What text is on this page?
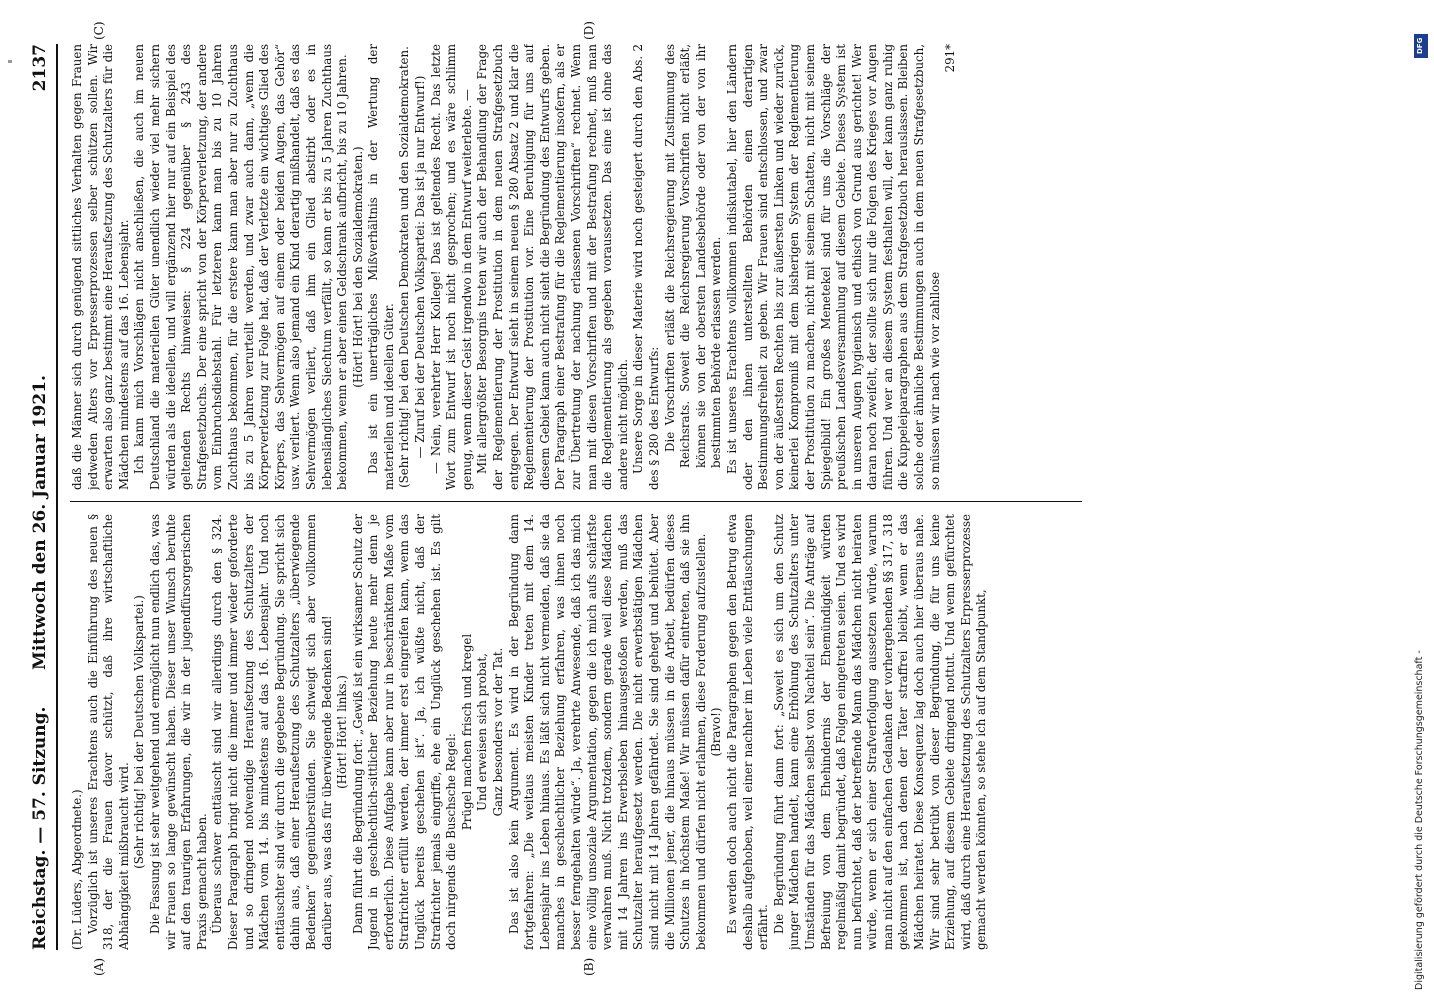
Reichstag. — 57. Sitzung.
Mittwoch den 26. Januar 1921.
2137
(A)	(B)
(C)	(D)

(Dr. Lüders, Abgeordnete.) Vorzüglich ist unseres Erachtens auch die Einführung des neuen § 318, der die Frauen davor schützt, daß ihre wirtschaftliche Abhängigkeit mißbraucht wird. (Sehr richtig! bei der Deutschen Volkspartei.) Die Fassung ist sehr weitgehend und ermöglicht nun endlich das, was wir Frauen so lange gewünscht haben. Dieser unser Wunsch beruhte auf den traurigen Erfahrungen, die wir in der jugendfürsorgerischen Praxis gemacht haben. Überaus schwer enttäuscht sind wir allerdings durch den § 324. Dieser Paragraph bringt nicht die immer und immer wieder geforderte und so dringend notwendige Heraufsetzung des Schutzalters der Mädchen vom 14. bis mindestens auf das 16. Lebensjahr. Und noch enttäuschter sind wir durch die gegebene Begründung. Sie spricht sich dahin aus, daß einer Heraufsetzung des Schutzalters „überwiegende Bedenken“ gegenüberstünden. Sie schweigt sich aber vollkommen darüber aus, was das für überwiegende Bedenken sind! (Hört! Hört! links.) Dann führt die Begründung fort: „Gewiß ist ein wirksamer Schutz der Jugend in geschlechtlich-sittlicher Beziehung heute mehr denn je erforderlich. Diese Aufgabe kann aber nur in beschränktem Maße vom Strafrichter erfüllt werden, der immer erst eingreifen kann, wenn das Unglück bereits geschehen ist“. Ja, ich wüßte nicht, daß der Strafrichter jemals eingriffe, ehe ein Unglück geschehen ist. Es gilt doch nirgends die Buschsche Regel:

Prügel machen frisch und kregel Und erweisen sich probat, Ganz besonders vor der Tat. Das ist also kein Argument. Es wird in der Begründung dann fortgefahren: „Die weitaus meisten Kinder treten mit dem 14. Lebensjahr ins Leben hinaus. Es läßt sich nicht vermeiden, daß sie da manches in geschlechtlicher Beziehung erfahren, was ihnen noch besser ferngehalten würde“. Ja, verehrte Anwesende, daß ich das mich eine völlig unsoziale Argumentation, gegen die ich mich aufs schärfste verwahren muß. Nicht trotzdem, sondern gerade weil diese Mädchen mit 14 Jahren ins Erwerbsleben hinausgestoßen werden, muß das Schutzalter heraufgesetzt werden. Die nicht erwerbstätigen Mädchen sind nicht mit 14 Jahren gefährdet. Sie sind gehegt und behütet. Aber die Millionen jener, die hinaus müssen in die Arbeit, bedürfen dieses Schutzes in höchstem Maße! Wir müssen dafür eintreten, daß sie ihn bekommen und dürfen nicht erlahmen, diese Forderung aufzustellen. (Bravo!) Es werden doch auch nicht die Paragraphen gegen den Betrug etwa deshalb aufgehoben, weil einer nachher im Leben viele Enttäuschungen erfährt. Die Begründung führt dann fort: „Soweit es sich um den Schutz junger Mädchen handelt, kann eine Erhöhung des Schutzalters unter Umständen für das Mädchen selbst von Nachteil sein“. Die Anträge auf Befreiung von dem Ehehindernis der Ehemündigkeit würden regelmäßig damit begründet, daß Folgen eingetreten seien. Und es wird nun befürchtet, daß der betreffende Mann das Mädchen nicht heiraten würde, wenn er sich einer Strafverfolgung aussetzen würde, warum man nicht auf den einfachen Gedanken der vorhergehenden §§ 317, 318 gekommen ist, nach denen der Täter straffrei bleibt, wenn er das Mädchen heiratet. Diese Konsequenz lag doch auch hier überaus nahe. Wir sind sehr betrübt von dieser Begründung, die für uns keine Erziehung, auf diesem Gebiete dringend nottut. Und wenn gefürchtet wird, daß durch eine Heraufsetzung des Schutzalters Erpresserprozesse gemacht werden könnten, so stehe ich auf dem Standpunkt,

daß die Männer sich durch genügend sittliches Verhalten gegen Frauen jedweden Alters vor Erpresserprozessen selber schützen sollen. Wir erwarten also ganz bestimmt eine Heraufsetzung des Schutzalters für die Mädchen mindestens auf das 16. Lebensjahr. Ich kann mich Vorschlägen nicht anschließen, die auch im neuen Deutschland die materiellen Güter unendlich wieder viel mehr sichern würden als die ideellen, und will ergänzend hier nur auf ein Beispiel des geltenden Rechts hinweisen: § 224 gegenüber § 243 des Strafgesetzbuchs. Der eine spricht von der Körperverletzung, der andere vom Einbruchsdiebstahl. Für letzteren kann man bis zu 10 Jahren Zuchthaus bekommen, für die erstere kann man aber nur zu Zuchthaus bis zu 5 Jahren verurteilt werden, und zwar auch dann, „wenn die Körperverletzung zur Folge hat, daß der Verletzte ein wichtiges Glied des Körpers, das Sehvermögen auf einem oder beiden Augen, das Gehör“ usw. verliert. Wenn also jemand ein Kind derartig mißhandelt, daß es das Sehvermögen verliert, daß ihm ein Glied abstirbt oder es in lebenslängliches Siechtum verfällt, so kann er bis zu 5 Jahren Zuchthaus bekommen, wenn er aber einen Geldschrank aufbricht, bis zu 10 Jahren. (Hört! Hört! bei den Sozialdemokraten.) Das ist ein unerträgliches Mißverhältnis in der Wertung der materiellen und ideellen Güter. (Sehr richtig! bei den Deutschen Demokraten und den Sozialdemokraten. — Zuruf bei der Deutschen Volkspartei: Das ist ja nur Entwurf!) — Nein, verehrter Herr Kollege! Das ist geltendes Recht. Das letzte Wort zum Entwurf ist noch nicht gesprochen; und es wäre schlimm genug, wenn dieser Geist irgendwo in dem Entwurf weiterlebte. — Mit allergrößter Besorgnis treten wir auch der Behandlung der Frage der Reglementierung der Prostitution in dem neuen Strafgesetzbuch entgegen. Der Entwurf sieht in seinem neuen § 280 Absatz 2 und klar die Reglementierung der Prostitution vor. Eine Beruhigung für uns auf diesem Gebiet kann auch nicht sieht die Begründung des Entwurfs geben. Der Paragraph einer Bestrafung für die Reglementierung insofern, als er zur Übertretung der nachung erlassenen Vorschriften“ rechnet. Wenn man mit diesen Vorschriften und mit der Bestrafung rechnet, muß man die Reglementierung als gegeben voraussetzen. Das eine ist ohne das andere nicht möglich. Unsere Sorge in dieser Materie wird noch gesteigert durch den Abs. 2 des § 280 des Entwurfs: Die Vorschriften erläßt die Reichsregierung mit Zustimmung des Reichsrats. Soweit die Reichsregierung Vorschriften nicht erläßt, können sie von der obersten Landesbehörde oder von der von ihr bestimmten Behörde erlassen werden. Es ist unseres Erachtens vollkommen indiskutabel, hier den Ländern oder den ihnen unterstellten Behörden einen derartigen Bestimmungsfreiheit zu geben. Wir Frauen sind entschlossen, und zwar von der äußersten Rechten bis zur äußersten Linken und wieder zurück, keinerlei Kompromiß mit dem bisherigen System der Reglementierung der Prostitution zu machen, nicht mit seinem Schatten, nicht mit seinem Spiegelbild! Ein großes Menetekel sind für uns die Vorschläge der preußischen Landesversammlung auf diesem Gebiete. Dieses System ist in unseren Augen hygienisch und ethisch von Grund aus gerichtet! Wer daran noch zweifelt, der sollte sich nur die Folgen des Krieges vor Augen führen. Und wer an diesem System festhalten will, der kann ganz ruhig die Kuppeleiparagraphen aus dem Strafgesetzbuch herauslassen. Bleiben solche oder ähnliche Bestimmungen auch in dem neuen Strafgesetzbuch, so müssen wir nach wie vor zahllose

291*

Digitalisierung gefördert durch die Deutsche Forschungsgemeinschaft -
DFG
